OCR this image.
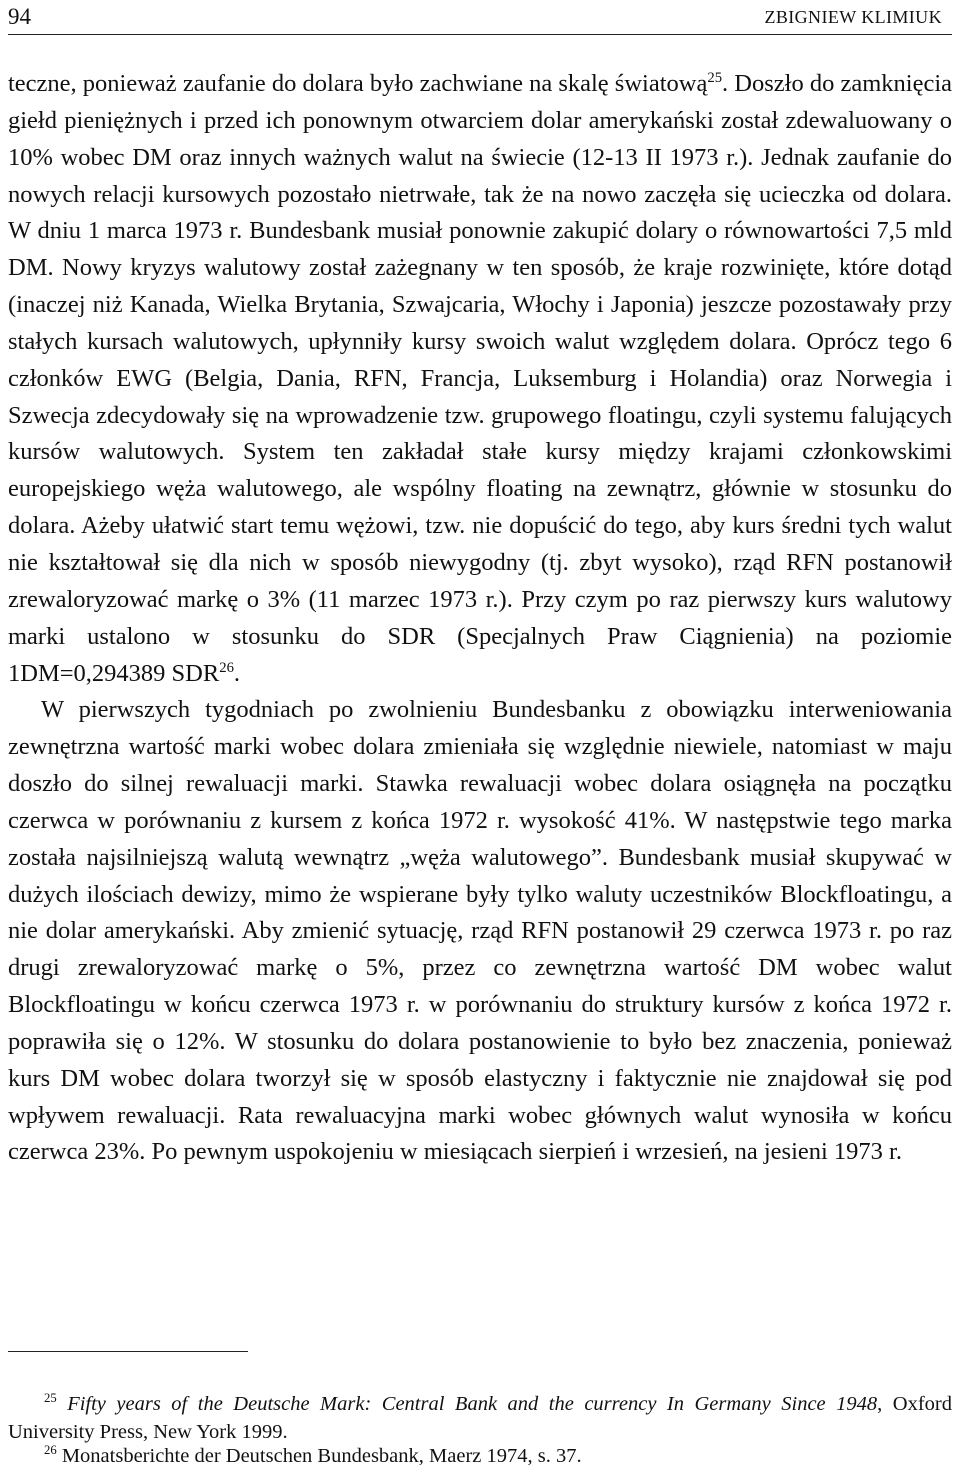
94	ZBIGNIEW KLIMIUK

teczne, ponieważ zaufanie do dolara było zachwiane na skalę światową$^{25}$. Doszło do zamknięcia giełd pieniężnych i przed ich ponownym otwarciem dolar amerykański został zdewaluowany o 10% wobec DM oraz innych ważnych walut na świecie (12-13 II 1973 r.). Jednak zaufanie do nowych relacji kursowych pozostało nietrwałe, tak że na nowo zaczęła się ucieczka od dolara. W dniu 1 marca 1973 r. Bundesbank musiał ponownie zakupić dolary o równowartości 7,5 mld DM. Nowy kryzys walutowy został zażegnany w ten sposób, że kraje rozwinięte, które dotąd (inaczej niż Kanada, Wielka Brytania, Szwajcaria, Włochy i Japonia) jeszcze pozostawały przy stałych kursach walutowych, upłynniły kursy swoich walut względem dolara. Oprócz tego 6 członków EWG (Belgia, Dania, RFN, Francja, Luksemburg i Holandia) oraz Norwegia i Szwecja zdecydowały się na wprowadzenie tzw. grupowego floatingu, czyli systemu falujących kursów walutowych. System ten zakładał stałe kursy między krajami członkowskimi europejskiego węża walutowego, ale wspólny floating na zewnątrz, głównie w stosunku do dolara. Ażeby ułatwić start temu wężowi, tzw. nie dopuścić do tego, aby kurs średni tych walut nie kształtował się dla nich w sposób niewygodny (tj. zbyt wysoko), rząd RFN postanowił zrewaloryzować markę o 3% (11 marzec 1973 r.). Przy czym po raz pierwszy kurs walutowy marki ustalono w stosunku do SDR (Specjalnych Praw Ciągnienia) na poziomie 1DM=0,294389 SDR$^{26}$.

W pierwszych tygodniach po zwolnieniu Bundesbanku z obowiązku interweniowania zewnętrzna wartość marki wobec dolara zmieniała się względnie niewiele, natomiast w maju doszło do silnej rewaluacji marki. Stawka rewaluacji wobec dolara osiągnęła na początku czerwca w porównaniu z kursem z końca 1972 r. wysokość 41%. W następstwie tego marka została najsilniejszą walutą wewnątrz „węża walutowego”. Bundesbank musiał skupywać w dużych ilościach dewizy, mimo że wspierane były tylko waluty uczestników Blockfloatingu, a nie dolar amerykański. Aby zmienić sytuację, rząd RFN postanowił 29 czerwca 1973 r. po raz drugi zrewaloryzować markę o 5%, przez co zewnętrzna wartość DM wobec walut Blockfloatingu w końcu czerwca 1973 r. w porównaniu do struktury kursów z końca 1972 r. poprawiła się o 12%. W stosunku do dolara postanowienie to było bez znaczenia, ponieważ kurs DM wobec dolara tworzył się w sposób elastyczny i faktycznie nie znajdował się pod wpływem rewaluacji. Rata rewaluacyjna marki wobec głównych walut wynosiła w końcu czerwca 23%. Po pewnym uspokojeniu w miesiącach sierpień i wrzesień, na jesieni 1973 r.

$^{25}$ Fifty years of the Deutsche Mark: Central Bank and the currency In Germany Since 1948, Oxford University Press, New York 1999.

$^{26}$ Monatsberichte der Deutschen Bundesbank, Maerz 1974, s. 37.
